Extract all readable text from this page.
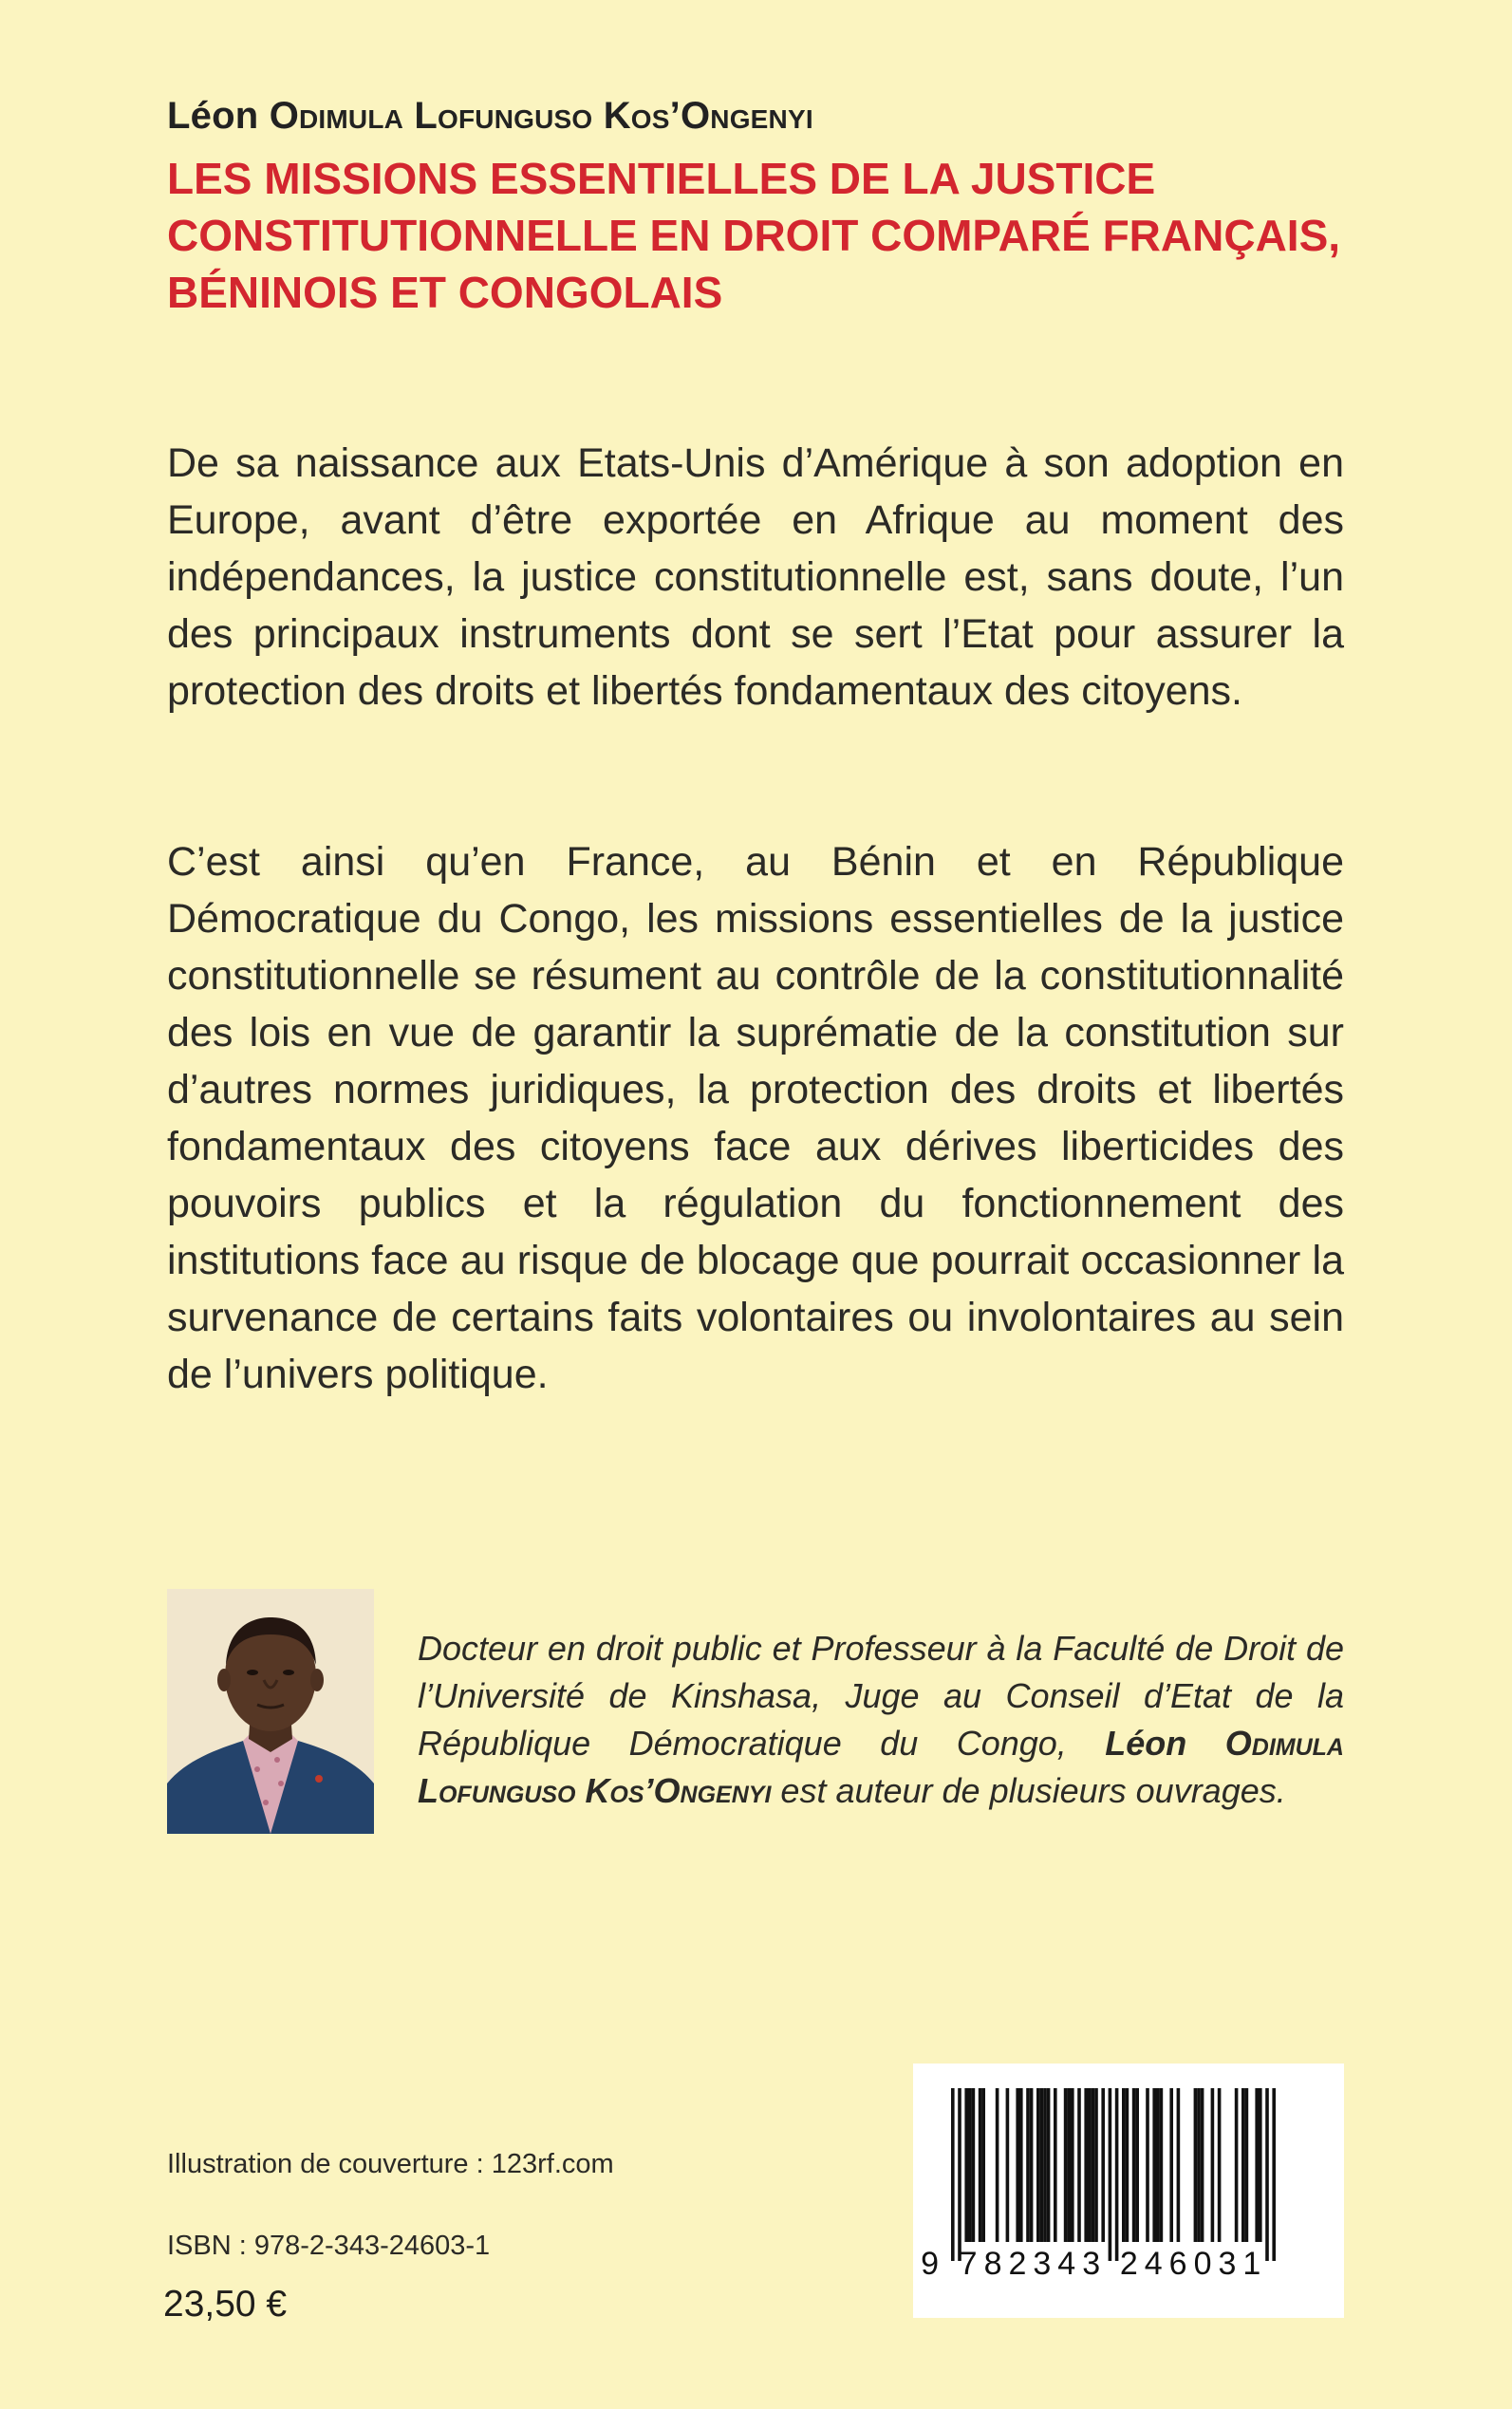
Léon Odimula Lofunguso Kos’Ongenyi
LES MISSIONS ESSENTIELLES DE LA JUSTICE
CONSTITUTIONNELLE EN DROIT COMPARÉ FRANÇAIS,
BÉNINOIS ET CONGOLAIS

De sa naissance aux Etats-Unis d’Amérique à son adoption en Europe, avant d’être exportée en Afrique au moment des indépendances, la justice constitutionnelle est, sans doute, l’un des principaux instruments dont se sert l’Etat pour assurer la protection des droits et libertés fondamentaux des citoyens.

C’est ainsi qu’en France, au Bénin et en République Démocratique du Congo, les missions essentielles de la justice constitutionnelle se résument au contrôle de la constitutionnalité des lois en vue de garantir la suprématie de la constitution sur d’autres normes juridiques, la protection des droits et libertés fondamentaux des citoyens face aux dérives liberticides des pouvoirs publics et la régulation du fonctionnement des institutions face au risque de blocage que pourrait occasionner la survenance de certains faits volontaires ou involontaires au sein de l’univers politique.

Docteur en droit public et Professeur à la Faculté de Droit de l’Université de Kinshasa, Juge au Conseil d’Etat de la République Démocratique du Congo, Léon Odimula Lofunguso Kos’Ongenyi est auteur de plusieurs ouvrages.

9 782343 246031
Illustration de couverture : 123rf.com
ISBN : 978-2-343-24603-1
23,50 €
